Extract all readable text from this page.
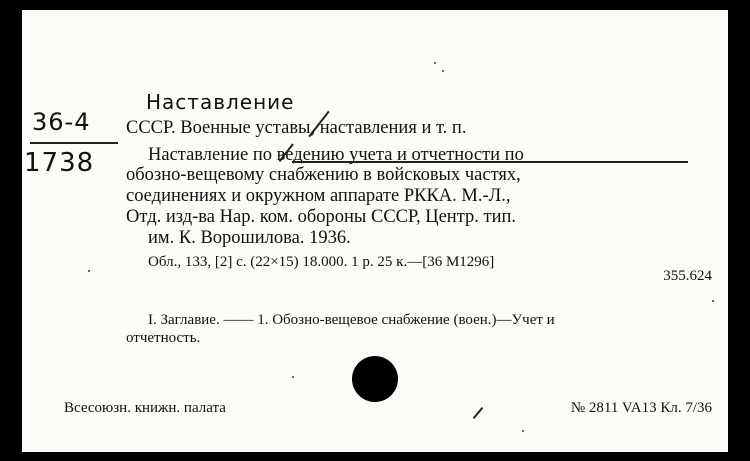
Наставление
36-4
1738
СССР. Военные уставы, наставления и т. п.
Наставление по ведению учета и отчетности по
обозно-вещевому снабжению в войсковых частях,
соединениях и окружном аппарате РККА. М.-Л.,
Отд. изд-ва Нар. ком. обороны СССР, Центр. тип.
им. К. Ворошилова. 1936.
Обл., 133, [2] с. (22×15) 18.000. 1 р. 25 к.—[36 М1296]
355.624
I. Заглавие. —— 1. Обозно-вещевое снабжение (воен.)—Учет и
отчетность.
Всесоюзн. книжн. палата	№ 2811 VA13 Кл. 7/36
